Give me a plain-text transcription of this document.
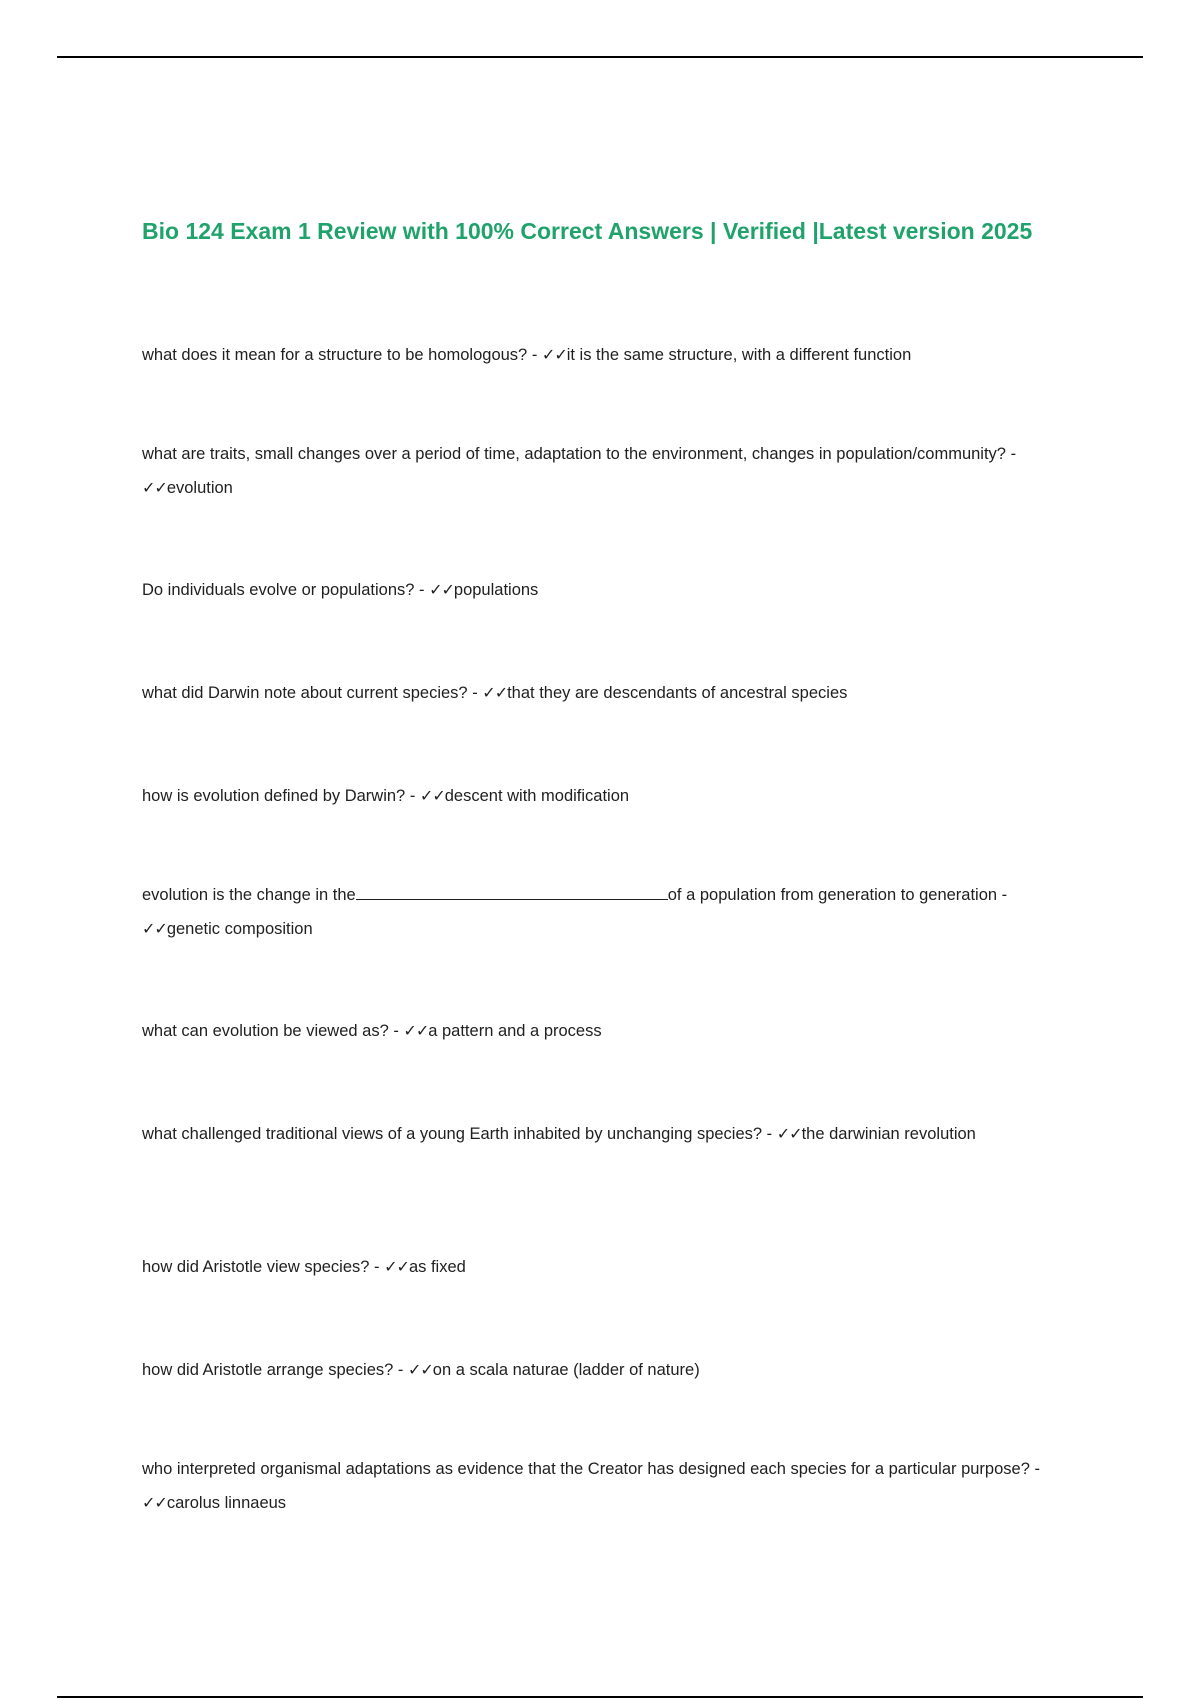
Bio 124 Exam 1 Review with 100% Correct Answers | Verified |Latest version 2025

what does it mean for a structure to be homologous? - ✓✓it is the same structure, with a different function

what are traits, small changes over a period of time, adaptation to the environment, changes in population/community? - ✓✓evolution

Do individuals evolve or populations? - ✓✓populations

what did Darwin note about current species? - ✓✓that they are descendants of ancestral species

how is evolution defined by Darwin? - ✓✓descent with modification

evolution is the change in the	of a population from generation to generation - ✓✓genetic composition

what can evolution be viewed as? - ✓✓a pattern and a process

what challenged traditional views of a young Earth inhabited by unchanging species? - ✓✓the darwinian revolution

how did Aristotle view species? - ✓✓as fixed

how did Aristotle arrange species? - ✓✓on a scala naturae (ladder of nature)

who interpreted organismal adaptations as evidence that the Creator has designed each species for a particular purpose? - ✓✓carolus linnaeus
